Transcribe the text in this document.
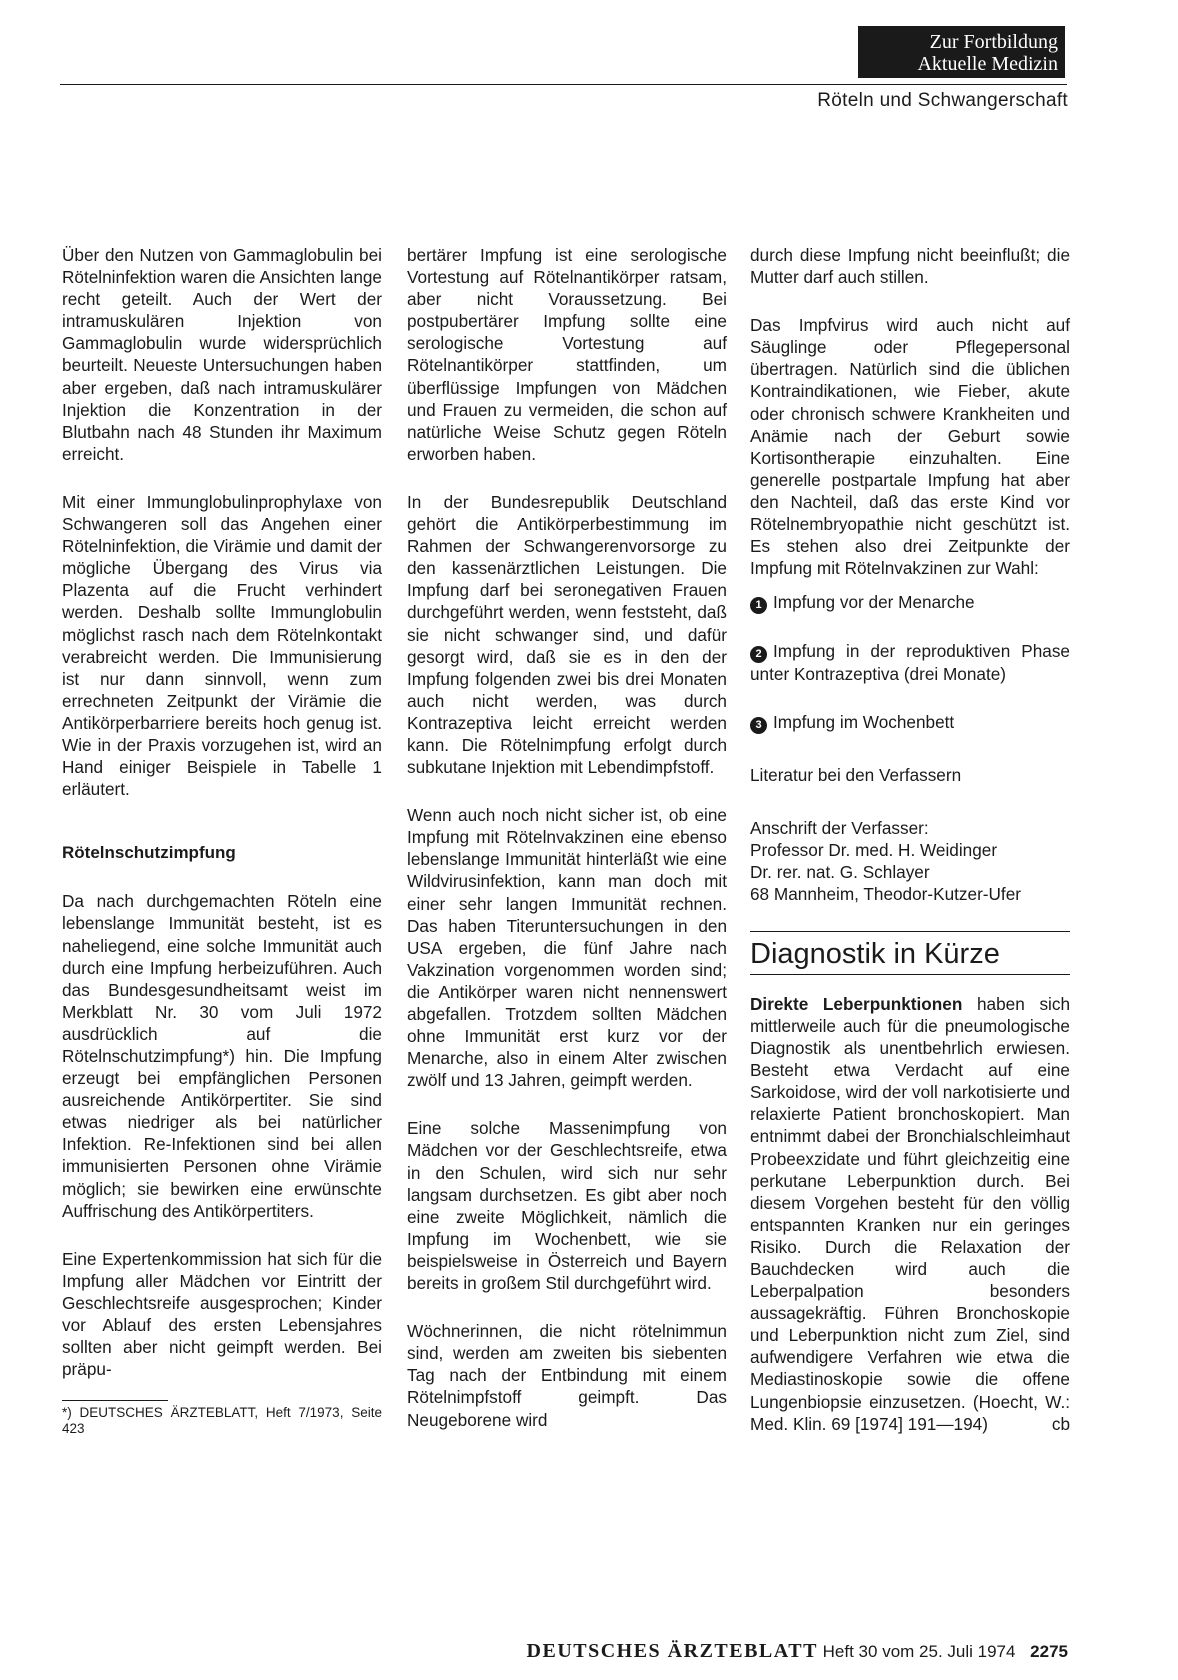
Zur Fortbildung
Aktuelle Medizin
Röteln und Schwangerschaft

Über den Nutzen von Gammaglobulin bei Rötelninfektion waren die Ansichten lange recht geteilt. Auch der Wert der intramuskulären Injektion von Gammaglobulin wurde widersprüchlich beurteilt. Neueste Untersuchungen haben aber ergeben, daß nach intramuskulärer Injektion die Konzentration in der Blutbahn nach 48 Stunden ihr Maximum erreicht.

Mit einer Immunglobulinprophylaxe von Schwangeren soll das Angehen einer Rötelninfektion, die Virämie und damit der mögliche Übergang des Virus via Plazenta auf die Frucht verhindert werden. Deshalb sollte Immunglobulin möglichst rasch nach dem Rötelnkontakt verabreicht werden. Die Immunisierung ist nur dann sinnvoll, wenn zum errechneten Zeitpunkt der Virämie die Antikörperbarriere bereits hoch genug ist. Wie in der Praxis vorzugehen ist, wird an Hand einiger Beispiele in Tabelle 1 erläutert.

Rötelnschutzimpfung

Da nach durchgemachten Röteln eine lebenslange Immunität besteht, ist es naheliegend, eine solche Immunität auch durch eine Impfung herbeizuführen. Auch das Bundesgesundheitsamt weist im Merkblatt Nr. 30 vom Juli 1972 ausdrücklich auf die Rötelnschutzimpfung*) hin. Die Impfung erzeugt bei empfänglichen Personen ausreichende Antikörpertiter. Sie sind etwas niedriger als bei natürlicher Infektion. Re-Infektionen sind bei allen immunisierten Personen ohne Virämie möglich; sie bewirken eine erwünschte Auffrischung des Antikörpertiters.

Eine Expertenkommission hat sich für die Impfung aller Mädchen vor Eintritt der Geschlechtsreife ausgesprochen; Kinder vor Ablauf des ersten Lebensjahres sollten aber nicht geimpft werden. Bei präpu-

*) DEUTSCHES ÄRZTEBLATT, Heft 7/1973, Seite 423

bertärer Impfung ist eine serologische Vortestung auf Rötelnantikörper ratsam, aber nicht Voraussetzung. Bei postpubertärer Impfung sollte eine serologische Vortestung auf Rötelnantikörper stattfinden, um überflüssige Impfungen von Mädchen und Frauen zu vermeiden, die schon auf natürliche Weise Schutz gegen Röteln erworben haben.

In der Bundesrepublik Deutschland gehört die Antikörperbestimmung im Rahmen der Schwangerenvorsorge zu den kassenärztlichen Leistungen. Die Impfung darf bei seronegativen Frauen durchgeführt werden, wenn feststeht, daß sie nicht schwanger sind, und dafür gesorgt wird, daß sie es in den der Impfung folgenden zwei bis drei Monaten auch nicht werden, was durch Kontrazeptiva leicht erreicht werden kann. Die Rötelnimpfung erfolgt durch subkutane Injektion mit Lebendimpfstoff.

Wenn auch noch nicht sicher ist, ob eine Impfung mit Rötelnvakzinen eine ebenso lebenslange Immunität hinterläßt wie eine Wildvirusinfektion, kann man doch mit einer sehr langen Immunität rechnen. Das haben Titeruntersuchungen in den USA ergeben, die fünf Jahre nach Vakzination vorgenommen worden sind; die Antikörper waren nicht nennenswert abgefallen. Trotzdem sollten Mädchen ohne Immunität erst kurz vor der Menarche, also in einem Alter zwischen zwölf und 13 Jahren, geimpft werden.

Eine solche Massenimpfung von Mädchen vor der Geschlechtsreife, etwa in den Schulen, wird sich nur sehr langsam durchsetzen. Es gibt aber noch eine zweite Möglichkeit, nämlich die Impfung im Wochenbett, wie sie beispielsweise in Österreich und Bayern bereits in großem Stil durchgeführt wird.

Wöchnerinnen, die nicht rötelnimmun sind, werden am zweiten bis siebenten Tag nach der Entbindung mit einem Rötelnimpfstoff geimpft. Das Neugeborene wird

durch diese Impfung nicht beeinflußt; die Mutter darf auch stillen.

Das Impfvirus wird auch nicht auf Säuglinge oder Pflegepersonal übertragen. Natürlich sind die üblichen Kontraindikationen, wie Fieber, akute oder chronisch schwere Krankheiten und Anämie nach der Geburt sowie Kortisontherapie einzuhalten. Eine generelle postpartale Impfung hat aber den Nachteil, daß das erste Kind vor Rötelnembryopathie nicht geschützt ist. Es stehen also drei Zeitpunkte der Impfung mit Rötelnvakzinen zur Wahl:

1 Impfung vor der Menarche

2 Impfung in der reproduktiven Phase unter Kontrazeptiva (drei Monate)

3 Impfung im Wochenbett

Literatur bei den Verfassern

Anschrift der Verfasser:

Professor Dr. med. H. Weidinger

Dr. rer. nat. G. Schlayer

68 Mannheim, Theodor-Kutzer-Ufer

Diagnostik in Kürze

Direkte Leberpunktionen haben sich mittlerweile auch für die pneumologische Diagnostik als unentbehrlich erwiesen. Besteht etwa Verdacht auf eine Sarkoidose, wird der voll narkotisierte und relaxierte Patient bronchoskopiert. Man entnimmt dabei der Bronchialschleimhaut Probeexzidate und führt gleichzeitig eine perkutane Leberpunktion durch. Bei diesem Vorgehen besteht für den völlig entspannten Kranken nur ein geringes Risiko. Durch die Relaxation der Bauchdecken wird auch die Leberpalpation besonders aussagekräftig. Führen Bronchoskopie und Leberpunktion nicht zum Ziel, sind aufwendigere Verfahren wie etwa die Mediastinoskopie sowie die offene Lungenbiopsie einzusetzen. (Hoecht, W.: Med. Klin. 69 [1974] 191—194)	cb

DEUTSCHES ÄRZTEBLATT Heft 30 vom 25. Juli 1974 2275
